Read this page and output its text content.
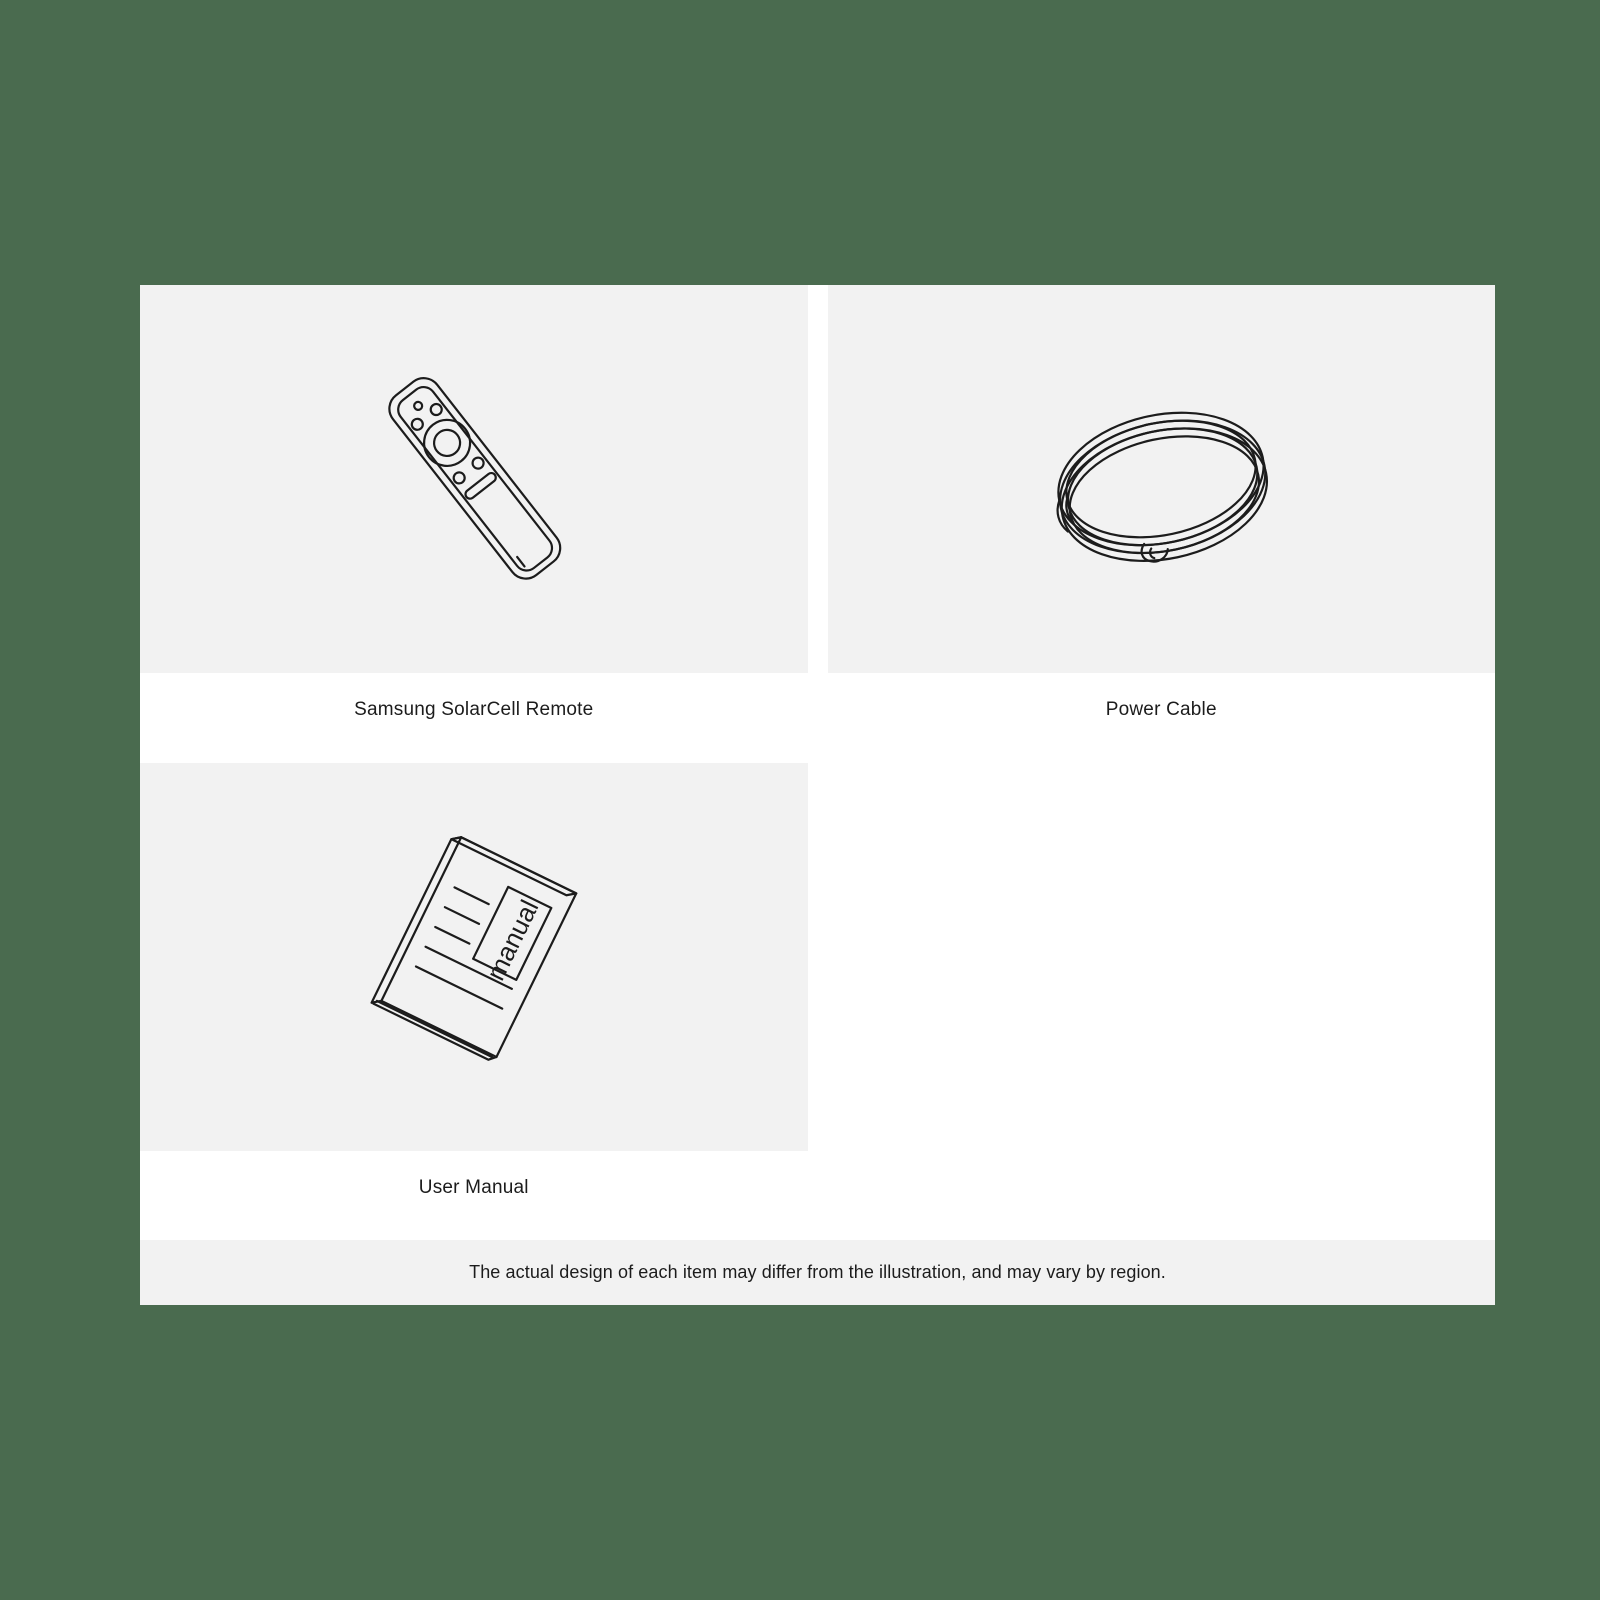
Samsung SolarCell Remote	Power Cable
manual
User Manual
The actual design of each item may differ from the illustration, and may vary by region.
